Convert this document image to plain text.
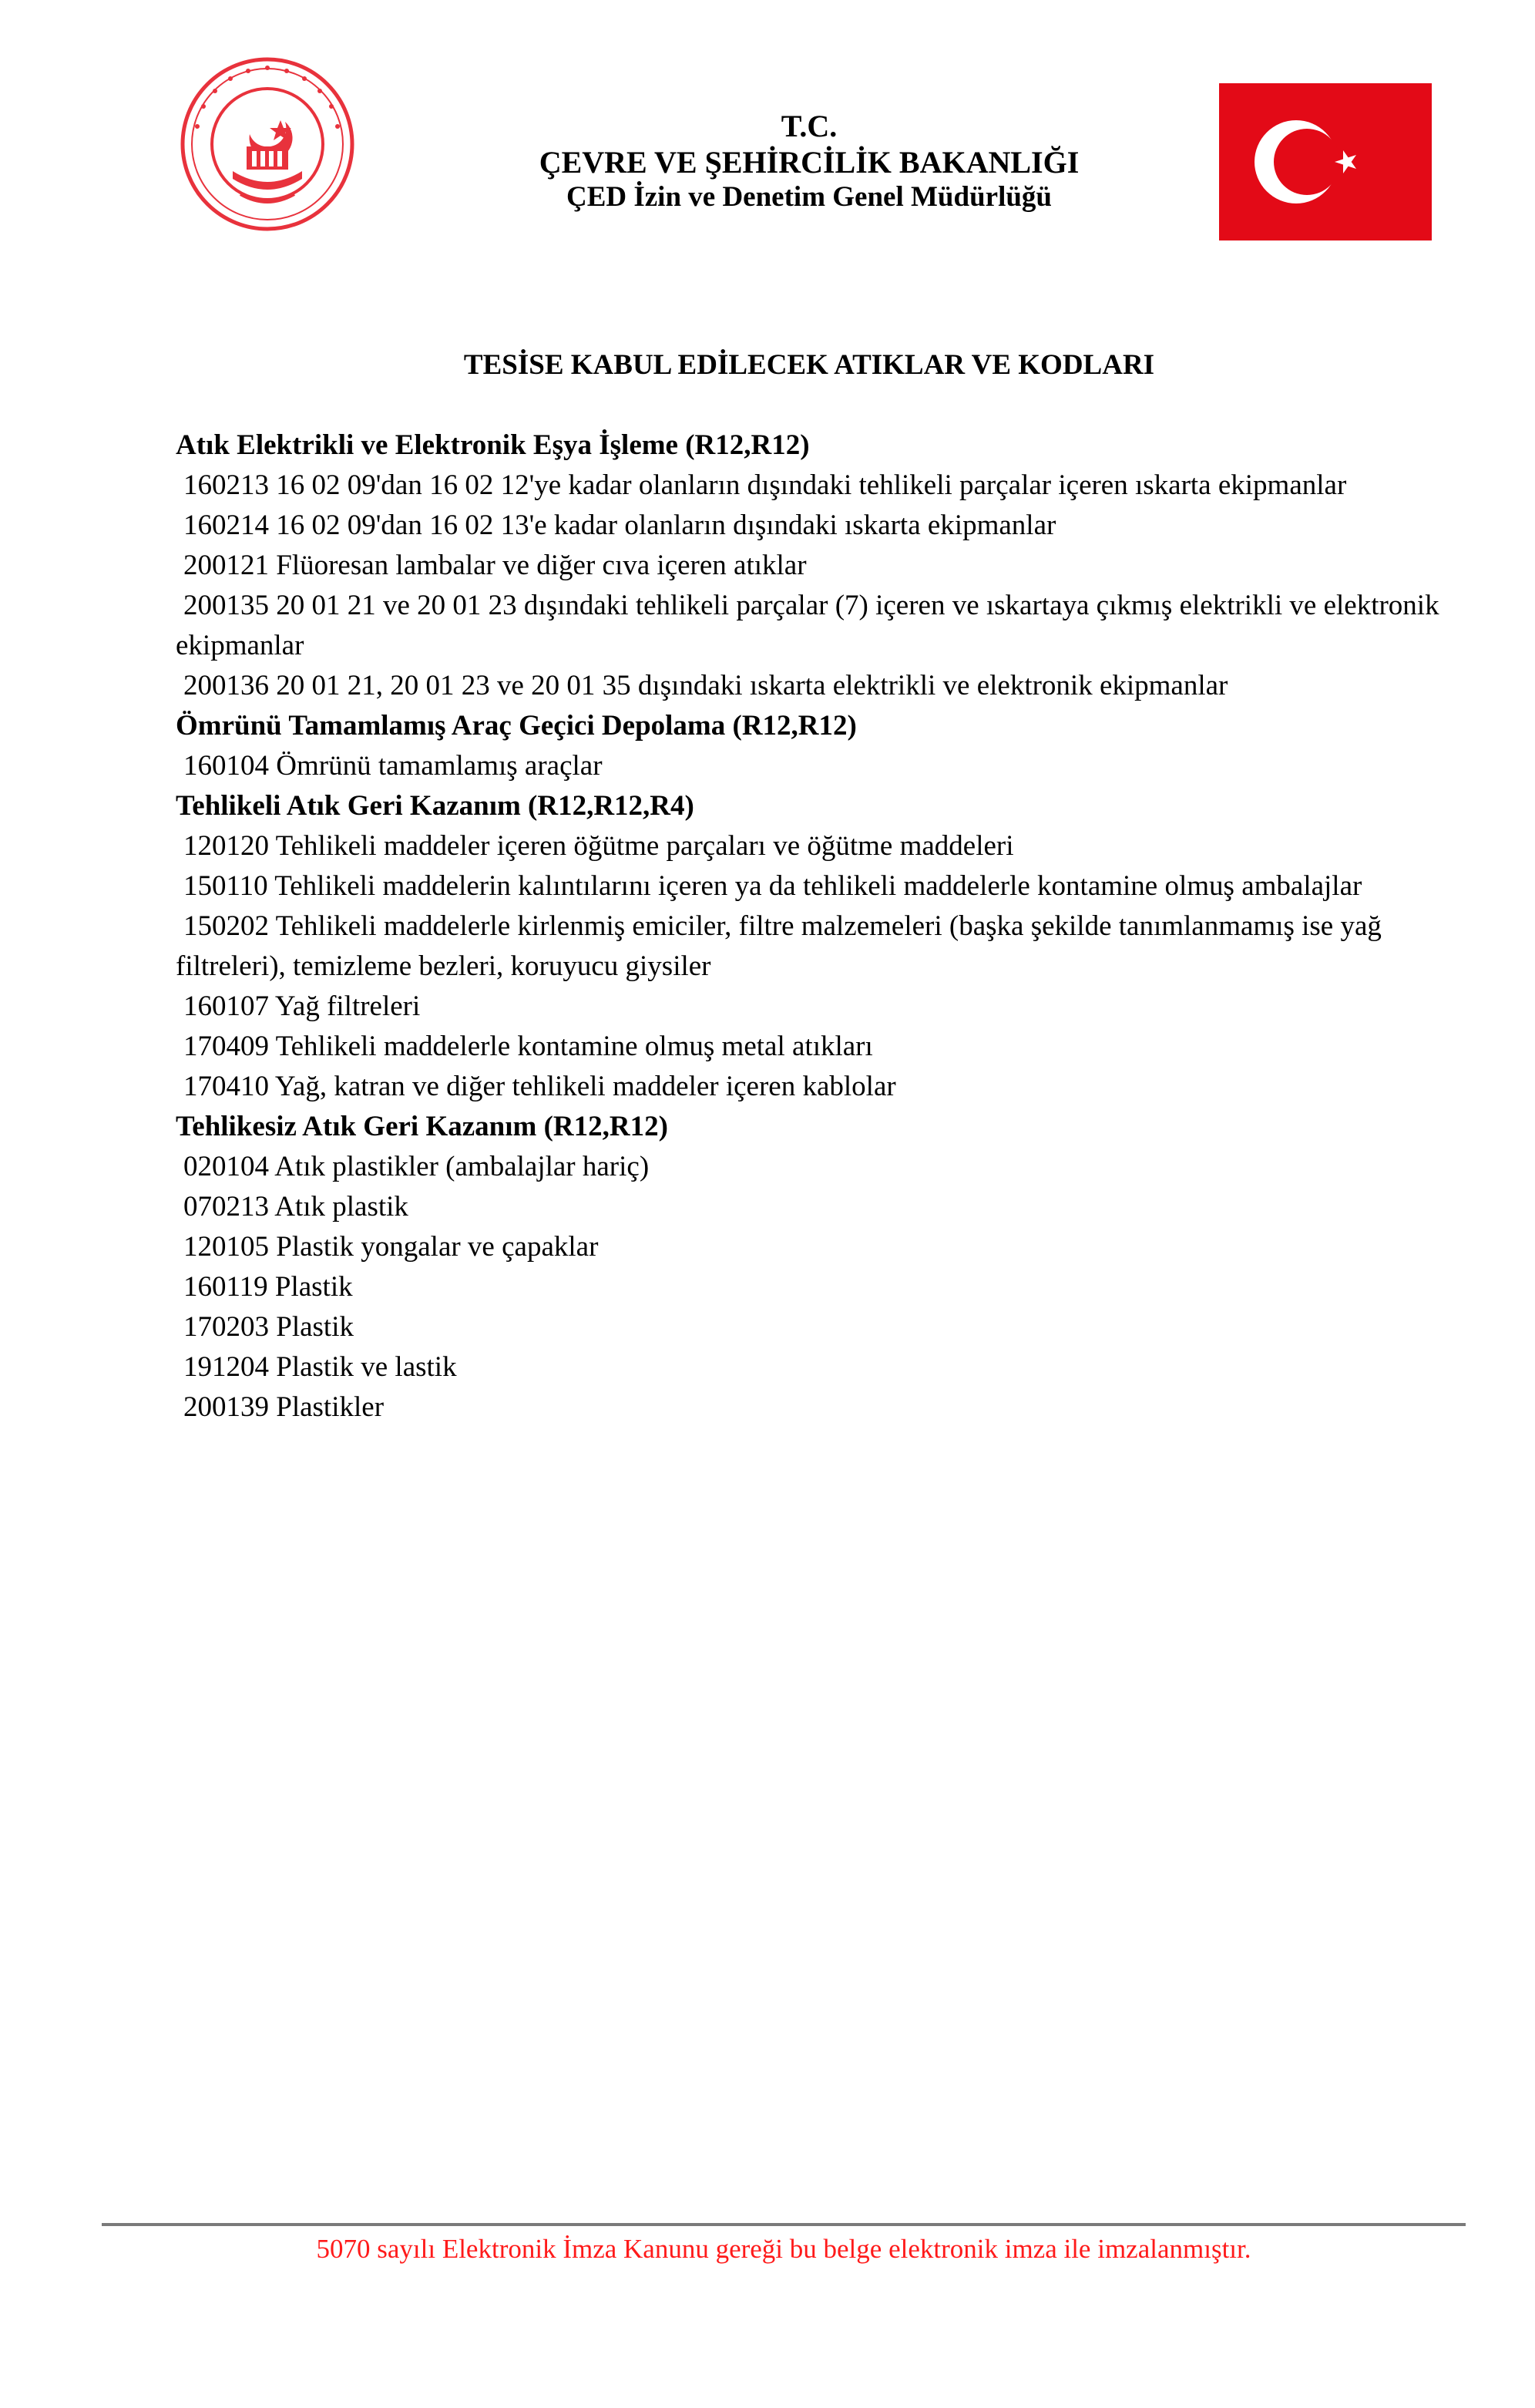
T.C.
ÇEVRE VE ŞEHİRCİLİK BAKANLIĞI
ÇED İzin ve Denetim Genel Müdürlüğü
TESİSE KABUL EDİLECEK ATIKLAR VE KODLARI
Atık Elektrikli ve Elektronik Eşya İşleme (R12,R12)
160213 16 02 09'dan 16 02 12'ye kadar olanların dışındaki tehlikeli parçalar içeren ıskarta ekipmanlar
160214 16 02 09'dan 16 02 13'e kadar olanların dışındaki ıskarta ekipmanlar
200121 Flüoresan lambalar ve diğer cıva içeren atıklar
200135 20 01 21 ve 20 01 23 dışındaki tehlikeli parçalar (7) içeren ve ıskartaya çıkmış elektrikli ve elektronik ekipmanlar
200136 20 01 21, 20 01 23 ve 20 01 35 dışındaki ıskarta elektrikli ve elektronik ekipmanlar
Ömrünü Tamamlamış Araç Geçici Depolama (R12,R12)
160104 Ömrünü tamamlamış araçlar
Tehlikeli Atık Geri Kazanım (R12,R12,R4)
120120 Tehlikeli maddeler içeren öğütme parçaları ve öğütme maddeleri
150110 Tehlikeli maddelerin kalıntılarını içeren ya da tehlikeli maddelerle kontamine olmuş ambalajlar
150202 Tehlikeli maddelerle kirlenmiş emiciler, filtre malzemeleri (başka şekilde tanımlanmamış ise yağ filtreleri), temizleme bezleri, koruyucu giysiler
160107 Yağ filtreleri
170409 Tehlikeli maddelerle kontamine olmuş metal atıkları
170410 Yağ, katran ve diğer tehlikeli maddeler içeren kablolar
Tehlikesiz Atık Geri Kazanım (R12,R12)
020104 Atık plastikler (ambalajlar hariç)
070213 Atık plastik
120105 Plastik yongalar ve çapaklar
160119 Plastik
170203 Plastik
191204 Plastik ve lastik
200139 Plastikler
5070 sayılı Elektronik İmza Kanunu gereği bu belge elektronik imza ile imzalanmıştır.
